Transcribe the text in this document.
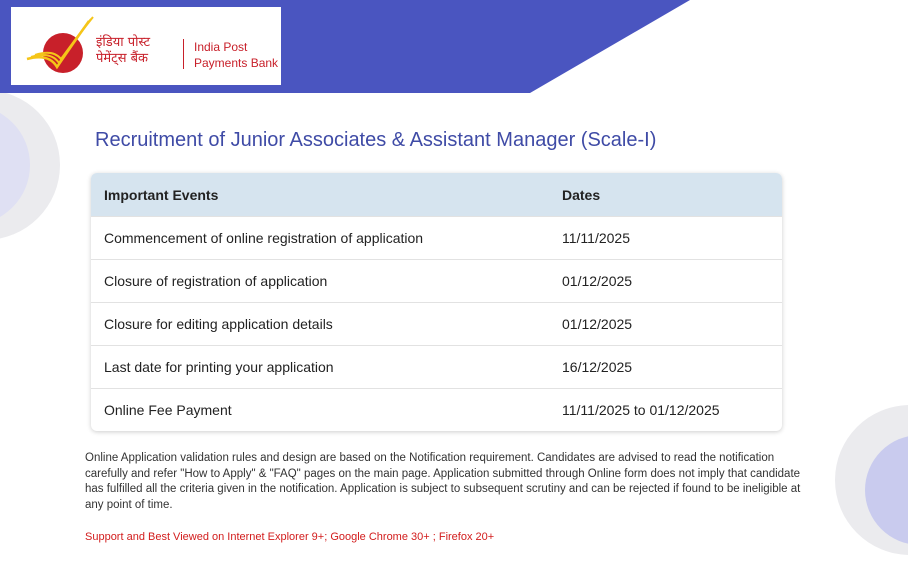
इंडिया पोस्ट
पेमेंट्स बैंक
India Post
Payments Bank
Recruitment of Junior Associates & Assistant Manager (Scale-I)
Important Events	Dates
Commencement of online registration of application	11/11/2025
Closure of registration of application	01/12/2025
Closure for editing application details	01/12/2025
Last date for printing your application	16/12/2025
Online Fee Payment	11/11/2025 to 01/12/2025
Online Application validation rules and design are based on the Notification requirement. Candidates are advised to read the notification carefully and refer "How to Apply" & "FAQ" pages on the main page. Application submitted through Online form does not imply that candidate has fulfilled all the criteria given in the notification. Application is subject to subsequent scrutiny and can be rejected if found to be ineligible at any point of time.
Support and Best Viewed on Internet Explorer 9+; Google Chrome 30+ ; Firefox 20+
